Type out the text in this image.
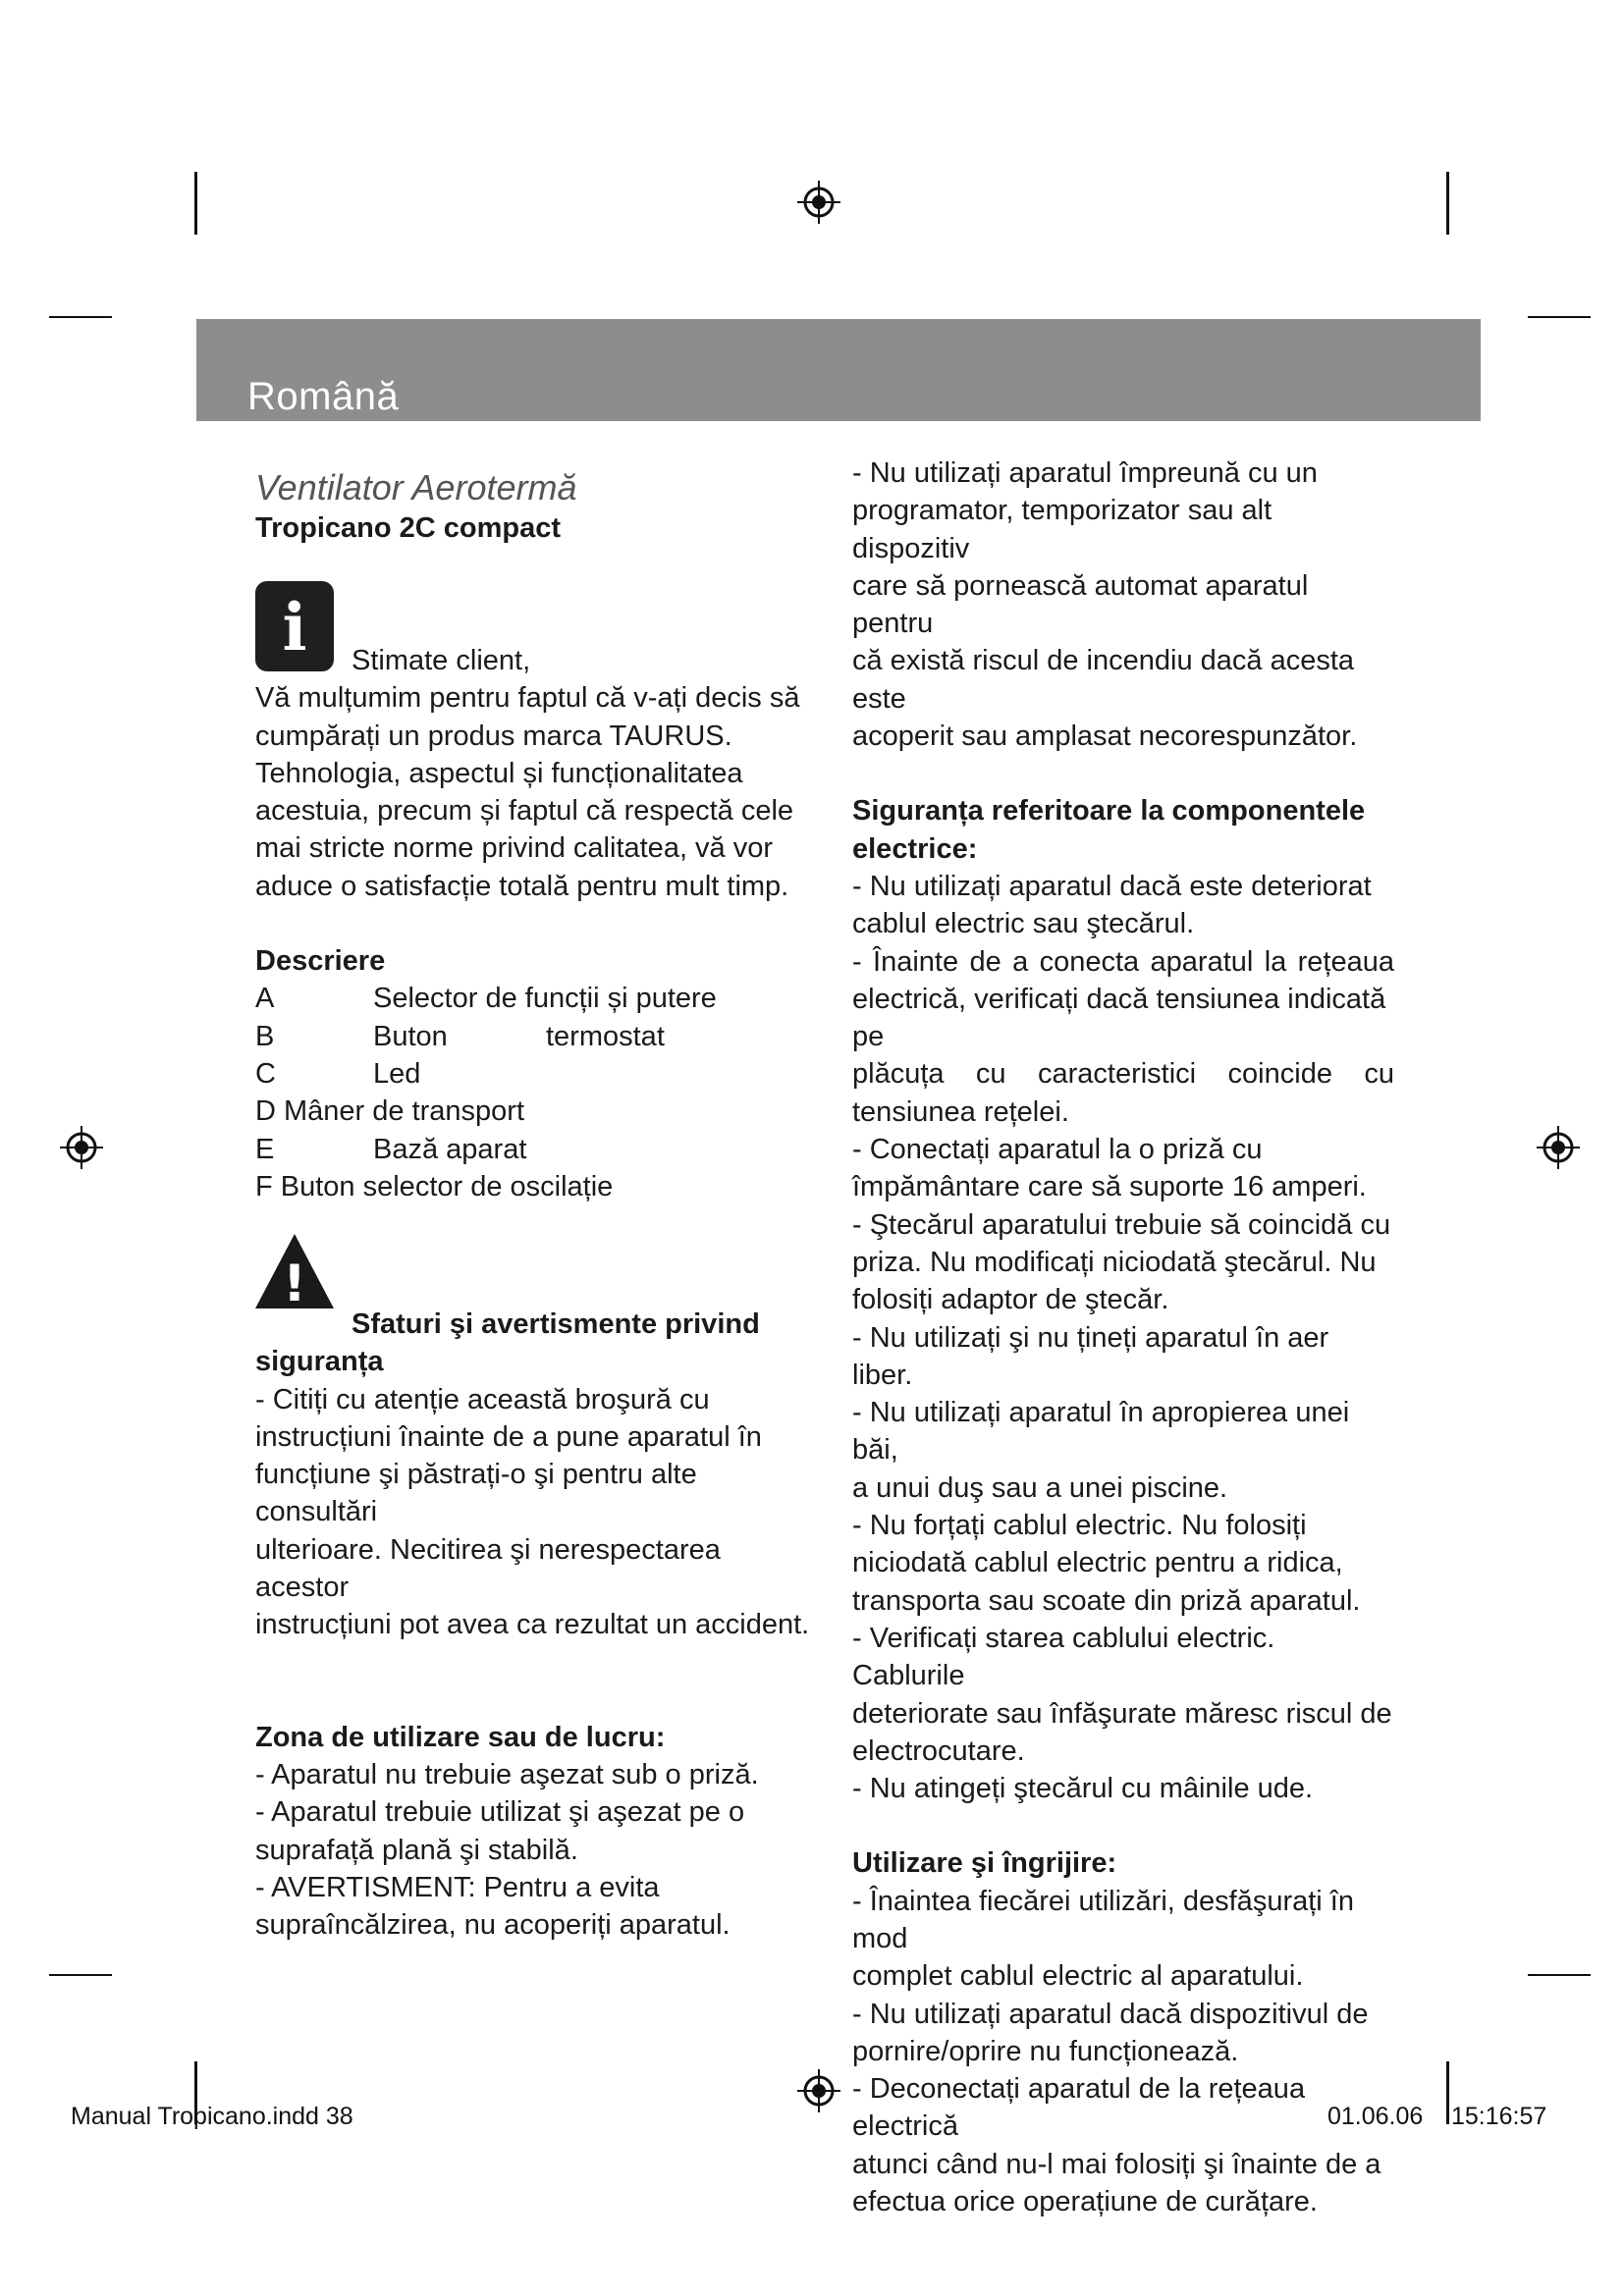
Română

Ventilator Aerotermă

Tropicano 2C compact

i	Stimate client,

Vă mulțumim pentru faptul că v-ați decis să

cumpărați un produs marca TAURUS.

Tehnologia, aspectul și funcționalitatea

acestuia, precum și faptul că respectă cele

mai stricte norme privind calitatea, vă vor

aduce o satisfacție totală pentru mult timp.

Descriere

A	Selector de funcții și putere
B	Buton	termostat
C	Led

D Mâner de transport

E	Bază aparat

F Buton selector de oscilație

!

Sfaturi şi avertismente privind

siguranța

- Citiți cu atenție această broşură cu

instrucțiuni înainte de a pune aparatul în

funcțiune şi păstrați-o şi pentru alte consultări

ulterioare. Necitirea şi nerespectarea acestor

instrucțiuni pot avea ca rezultat un accident.

Zona de utilizare sau de lucru:

- Aparatul nu trebuie aşezat sub o priză.

- Aparatul trebuie utilizat şi aşezat pe o

suprafață plană şi stabilă.

- AVERTISMENT: Pentru a evita

supraîncălzirea, nu acoperiți aparatul.

- Nu utilizați aparatul împreună cu un

programator, temporizator sau alt dispozitiv

care să pornească automat aparatul pentru

că există riscul de incendiu dacă acesta este

acoperit sau amplasat necorespunzător.

Siguranța referitoare la componentele

electrice:

- Nu utilizați aparatul dacă este deteriorat

cablul electric sau ştecărul.

- Înainte de a conecta aparatul la rețeaua

electrică, verificați dacă tensiunea indicată pe

plăcuța cu caracteristici coincide cu

tensiunea rețelei.

- Conectați aparatul la o priză cu

împământare care să suporte 16 amperi.

- Ştecărul aparatului trebuie să coincidă cu

priza. Nu modificați niciodată ştecărul. Nu

folosiți adaptor de ştecăr.

- Nu utilizați şi nu țineți aparatul în aer liber.

- Nu utilizați aparatul în apropierea unei băi,

a unui duş sau a unei piscine.

- Nu forțați cablul electric. Nu folosiți

niciodată cablul electric pentru a ridica,

transporta sau scoate din priză aparatul.

- Verificați starea cablului electric. Cablurile

deteriorate sau înfăşurate măresc riscul de

electrocutare.

- Nu atingeți ştecărul cu mâinile ude.

Utilizare şi îngrijire:

- Înaintea fiecărei utilizări, desfăşurați în mod

complet cablul electric al aparatului.

- Nu utilizați aparatul dacă dispozitivul de

pornire/oprire nu funcționează.

- Deconectați aparatul de la rețeaua electrică

atunci când nu-l mai folosiți şi înainte de a

efectua orice operațiune de curățare.

Manual Tropicano.indd 38	01.06.06 15:16:57
